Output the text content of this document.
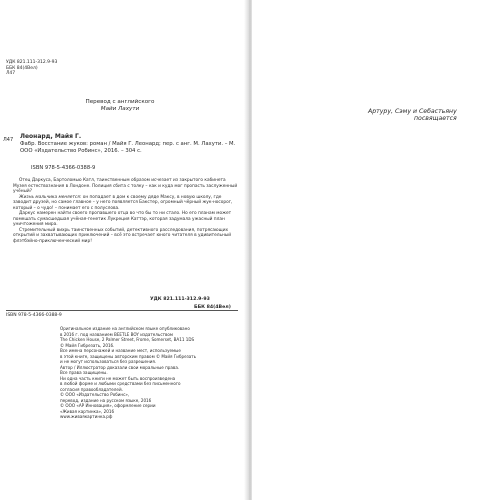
УДК 821.111-312.9-93
ББК 84(4Вел)
Л47
Перевод с английского
Майи Лахути
Л47 Леонард, Майя Г.
Фабр. Восстание жуков: роман / Майя Г. Леонард; пер. с анг. М. Лахути. – М. ООО «Издательство Робинс», 2016. – 304 с.
ISBN 978-5-4366-0388-9

Отец Даркуса, Бартоломью Катл, таинственным образом исчезает из закрытого кабинета Музея естествознания в Лондоне. Полиция сбита с толку – как и куда мог пропасть заслуженный учёный?

Жизнь мальчика меняется: он попадает в дом к своему дяде Максу, в новую школу, где заводит друзей, но самое главное – у него появляется Бакстер, огромный чёрный жук-носорог, который – о чудо! – понимает его с полуслова.

Даркус намерен найти своего пропавшего отца во что бы то ни стало. Но его планам может помешать сумасшедшая учёная-генетик Лукреция Каттэр, которая задумала ужасный план уничтожения мира.

Стремительный вихрь таинственных событий, детективного расследования, потрясающих открытий и захватывающих приключений – всё это встречает юного читателя в удивительный флэтбэйно-приключенческий мир!

УДК 821.111-312.9-93
ББК 84(4Вел)
ISBN 978-5-4366-0388-9
Оригинальное издание на английском языке опубликовано
в 2016 г. под названием BEETLE BOY издательством
The Chicken House, 2 Palmer Street, Frome, Somerset, BA11 1DS
© Майя Гибрезать, 2016.
Все имена персонажей и название мест, используемые
в этой книге, защищены авторским правом © Майя Гибрезать
и не могут использоваться без разрешения.
Автор / Иллюстратор доказали свои моральные права.
Все права защищены.
Ни одна часть книги не может быть воспроизведена
в любой форме и любыми средствами без письменного
согласия правообладателей.
© ООО «Издательство Робинс»,
перевод, издание на русском языке, 2016
© ООО «АР Инновация», оформление серии
«Живая картинка», 2016
www.живаякартинка.рф
Артуру, Сэму и Себастьяну
посвящается
